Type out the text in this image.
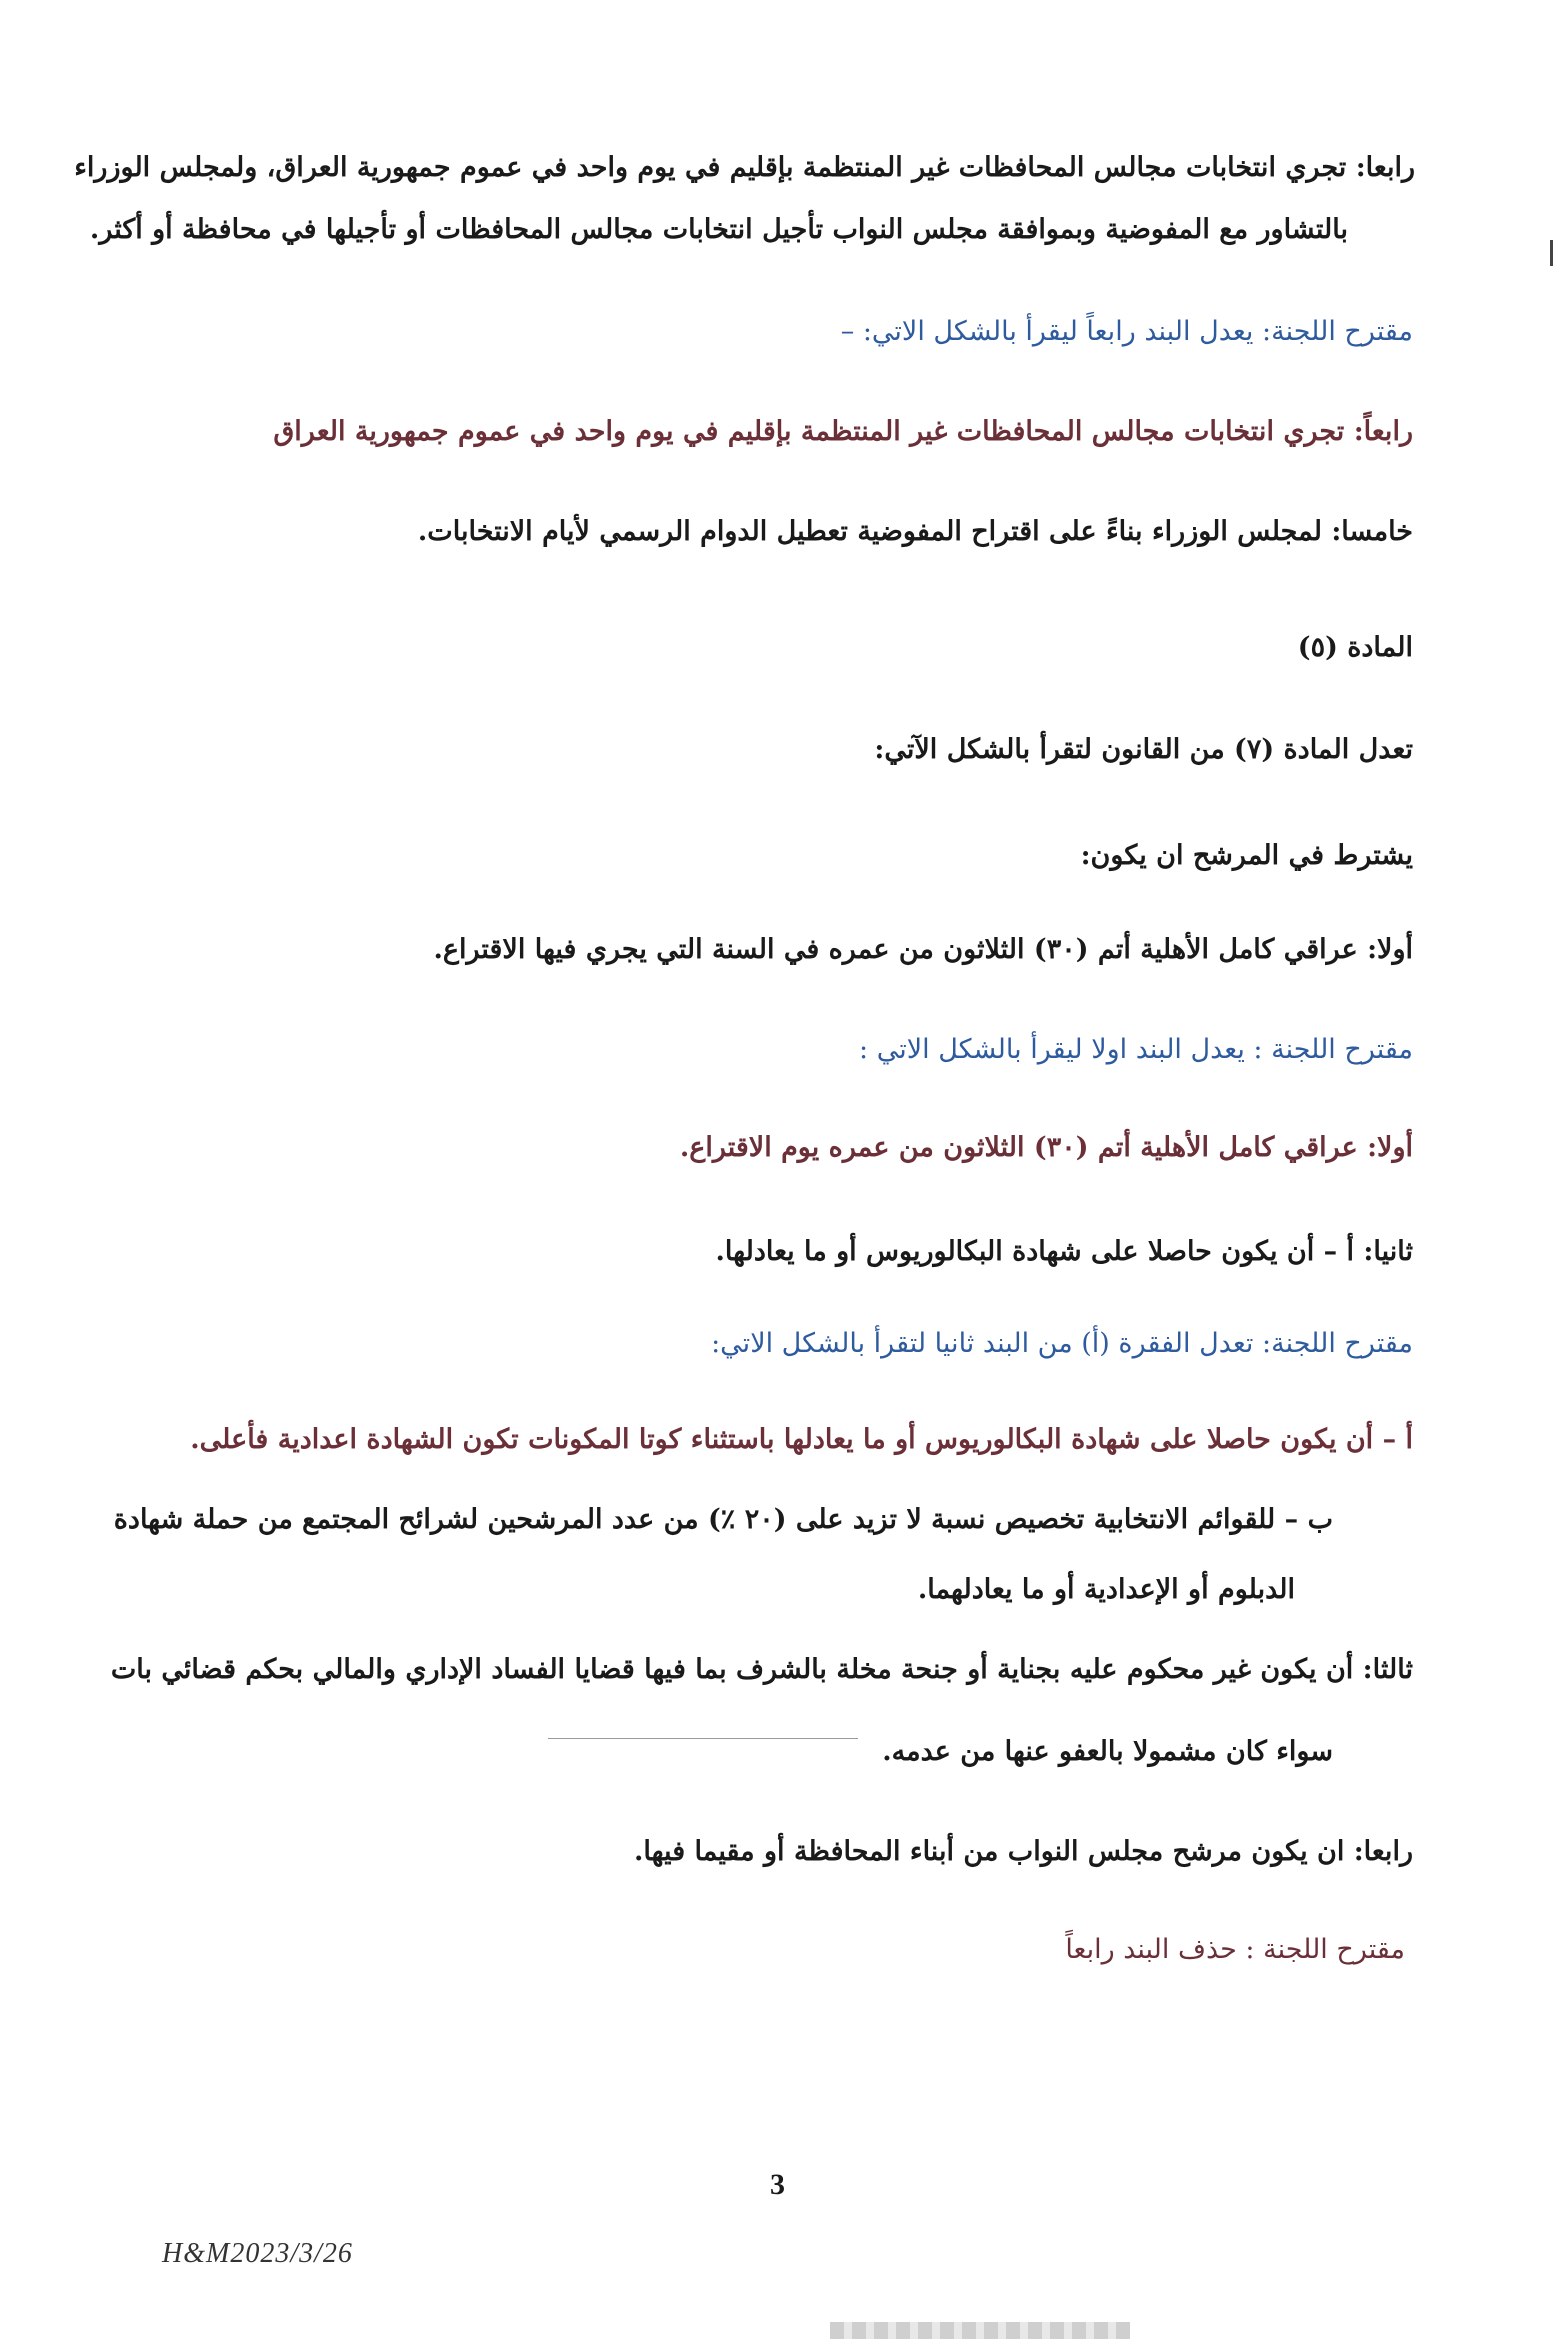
رابعا: تجري انتخابات مجالس المحافظات غير المنتظمة بإقليم في يوم واحد في عموم جمهورية العراق، ولمجلس الوزراء
بالتشاور مع المفوضية وبموافقة مجلس النواب تأجيل انتخابات مجالس المحافظات أو تأجيلها في محافظة أو أكثر.
مقترح اللجنة: يعدل البند رابعاً ليقرأ بالشكل الاتي: –
رابعاً: تجري انتخابات مجالس المحافظات غير المنتظمة بإقليم في يوم واحد في عموم جمهورية العراق
خامسا: لمجلس الوزراء بناءً على اقتراح المفوضية تعطيل الدوام الرسمي لأيام الانتخابات.
المادة (٥)
تعدل المادة (٧) من القانون لتقرأ بالشكل الآتي:
يشترط في المرشح ان يكون:
أولا: عراقي كامل الأهلية أتم (٣٠) الثلاثون من عمره في السنة التي يجري فيها الاقتراع.
مقترح اللجنة : يعدل البند اولا ليقرأ بالشكل الاتي :
أولا: عراقي كامل الأهلية أتم (٣٠) الثلاثون من عمره يوم الاقتراع.
ثانيا: أ – أن يكون حاصلا على شهادة البكالوريوس أو ما يعادلها.
مقترح اللجنة: تعدل الفقرة (أ) من البند ثانيا لتقرأ بالشكل الاتي:
أ – أن يكون حاصلا على شهادة البكالوريوس أو ما يعادلها باستثناء كوتا المكونات تكون الشهادة اعدادية فأعلى.
ب – للقوائم الانتخابية تخصيص نسبة لا تزيد على (٢٠ ٪) من عدد المرشحين لشرائح المجتمع من حملة شهادة
الدبلوم أو الإعدادية أو ما يعادلهما.
ثالثا: أن يكون غير محكوم عليه بجناية أو جنحة مخلة بالشرف بما فيها قضايا الفساد الإداري والمالي بحكم قضائي بات
سواء كان مشمولا بالعفو عنها من عدمه.
رابعا: ان يكون مرشح مجلس النواب من أبناء المحافظة أو مقيما فيها.
مقترح اللجنة : حذف البند رابعاً
3
H&M2023/3/26
